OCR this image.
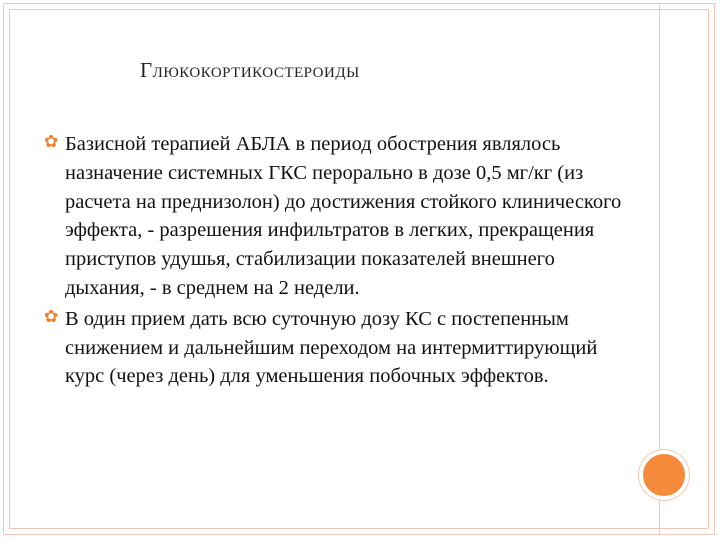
Глюкокортикостероиды
✿ Базисной терапией АБЛА в период обострения являлось назначение системных ГКС перорально в дозе 0,5 мг/кг (из расчета на преднизолон) до достижения стойкого клинического эффекта, - разрешения инфильтратов в легких, прекращения приступов удушья, стабилизации показателей внешнего дыхания, - в среднем на 2 недели.
✿ В один прием дать всю суточную дозу КС с постепенным снижением и дальнейшим переходом на интермиттирующий курс (через день) для уменьшения побочных эффектов.
